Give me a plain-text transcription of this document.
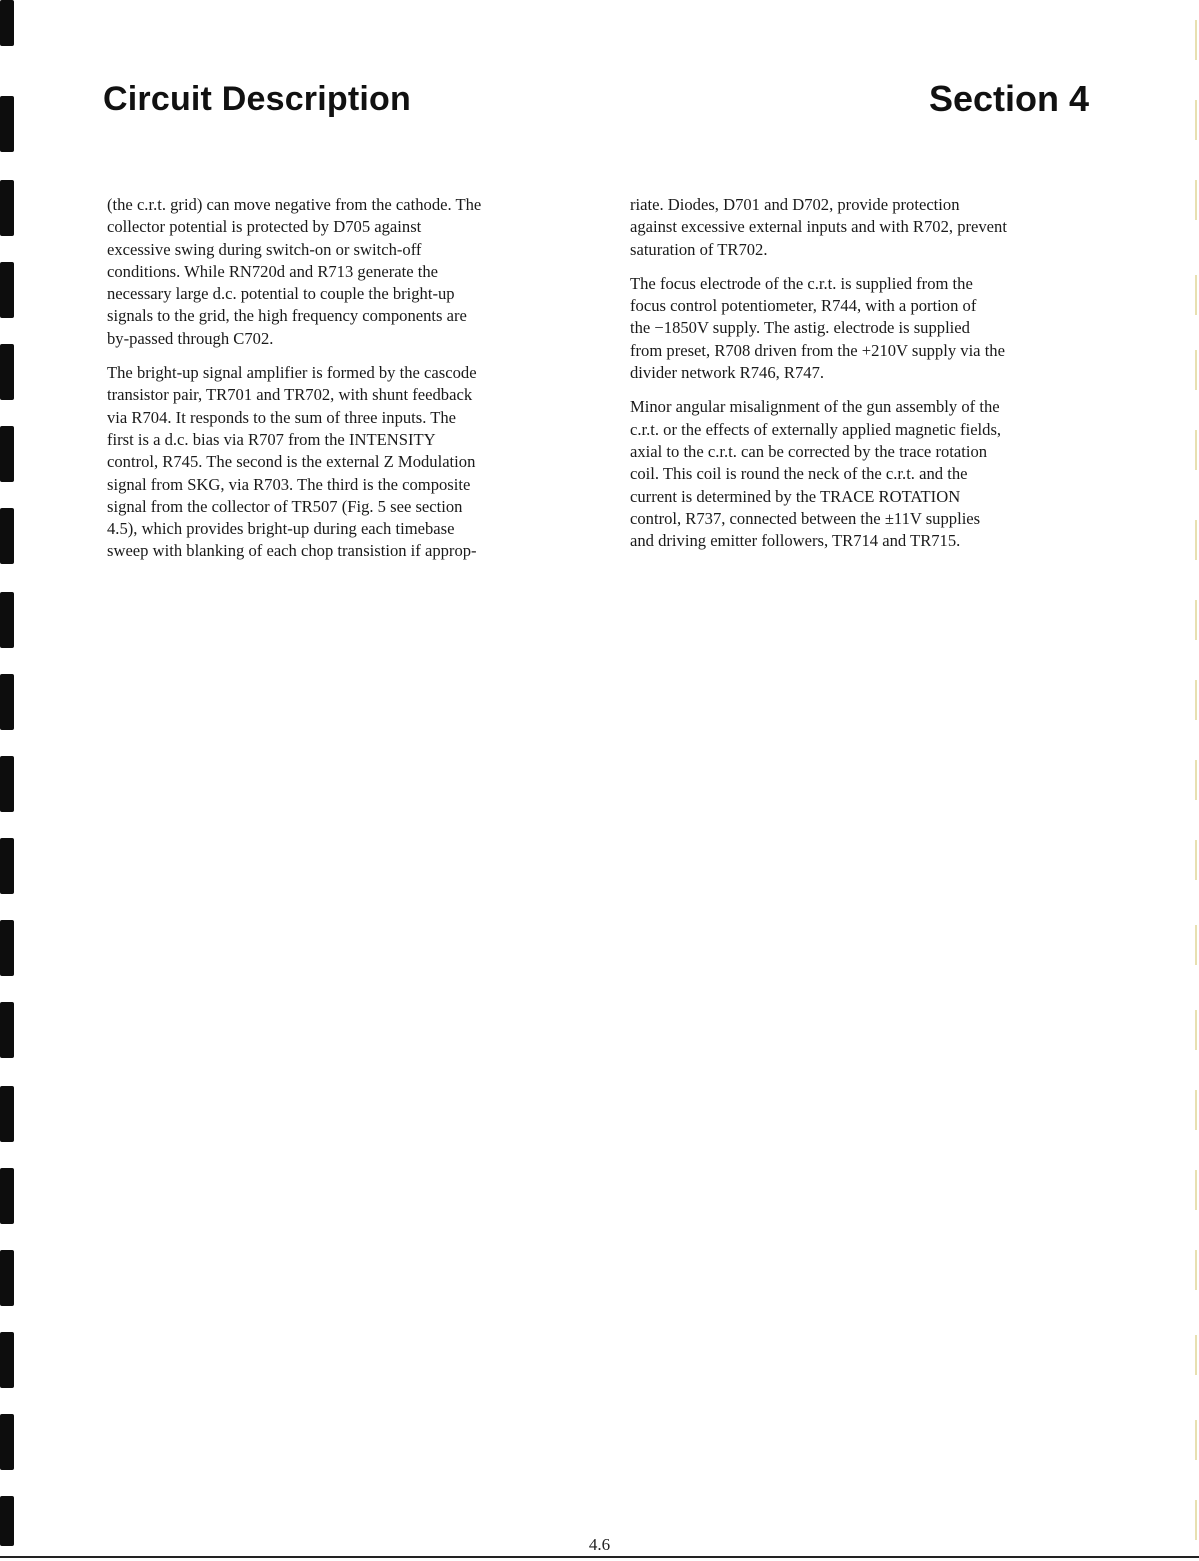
Circuit Description	Section 4

(the c.r.t. grid) can move negative from the cathode. The
collector potential is protected by D705 against
excessive swing during switch-on or switch-off
conditions. While RN720d and R713 generate the
necessary large d.c. potential to couple the bright-up
signals to the grid, the high frequency components are
by-passed through C702.

The bright-up signal amplifier is formed by the cascode
transistor pair, TR701 and TR702, with shunt feedback
via R704. It responds to the sum of three inputs. The
first is a d.c. bias via R707 from the INTENSITY
control, R745. The second is the external Z Modulation
signal from SKG, via R703. The third is the composite
signal from the collector of TR507 (Fig. 5 see section
4.5), which provides bright-up during each timebase
sweep with blanking of each chop transistion if approp-

riate. Diodes, D701 and D702, provide protection
against excessive external inputs and with R702, prevent
saturation of TR702.

The focus electrode of the c.r.t. is supplied from the
focus control potentiometer, R744, with a portion of
the −1850V supply. The astig. electrode is supplied
from preset, R708 driven from the +210V supply via the
divider network R746, R747.

Minor angular misalignment of the gun assembly of the
c.r.t. or the effects of externally applied magnetic fields,
axial to the c.r.t. can be corrected by the trace rotation
coil. This coil is round the neck of the c.r.t. and the
current is determined by the TRACE ROTATION
control, R737, connected between the ±11V supplies
and driving emitter followers, TR714 and TR715.

4.6
